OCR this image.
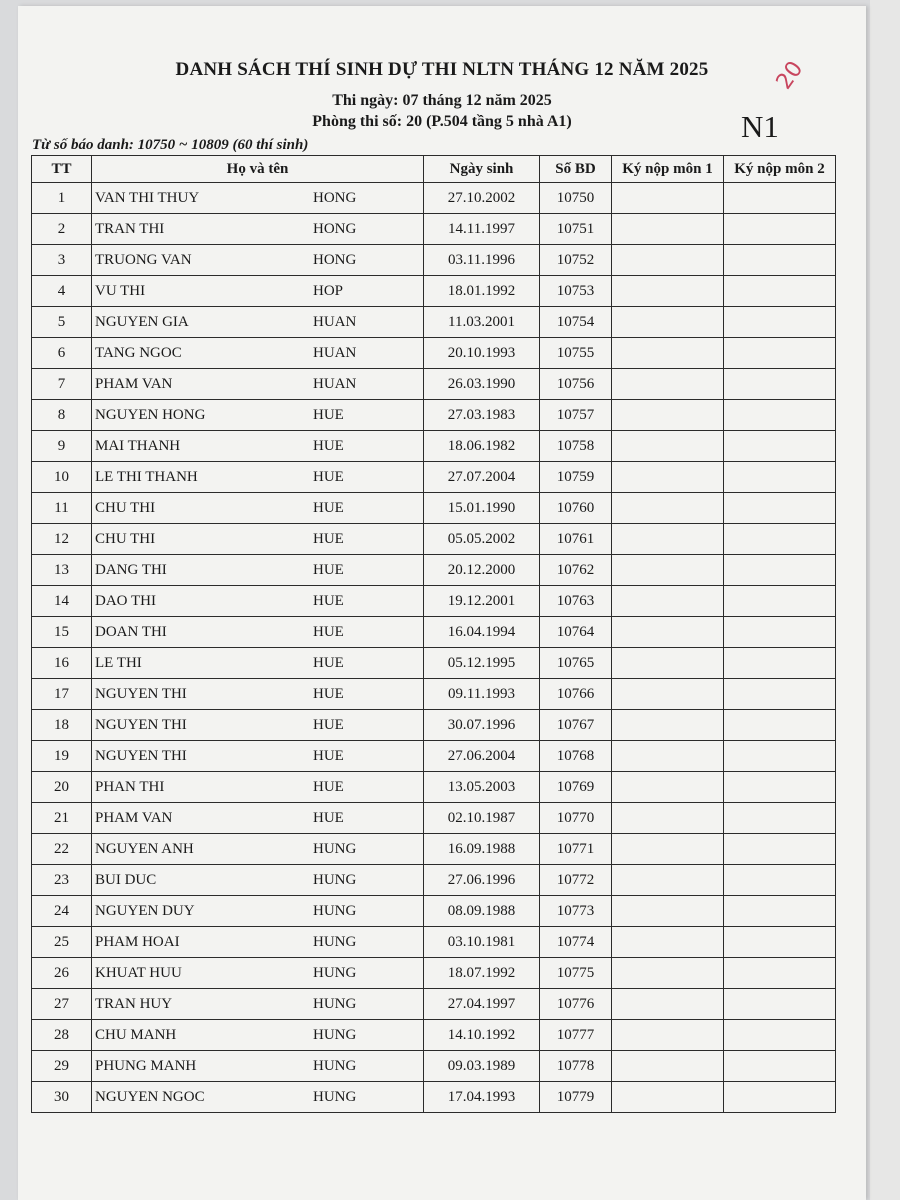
DANH SÁCH THÍ SINH DỰ THI NLTN THÁNG 12 NĂM 2025
Thi ngày: 07 tháng 12 năm 2025
Phòng thi số: 20 (P.504 tầng 5 nhà A1)
Từ số báo danh: 10750 ~ 10809 (60 thí sinh)
N1
20
TT	Họ và tên	Ngày sinh	Số BD	Ký nộp môn 1	Ký nộp môn 2
1	VAN THI THUY HONG	27.10.2002	10750		
2	TRAN THI HONG	14.11.1997	10751		
3	TRUONG VAN HONG	03.11.1996	10752		
4	VU THI HOP	18.01.1992	10753		
5	NGUYEN GIA HUAN	11.03.2001	10754		
6	TANG NGOC HUAN	20.10.1993	10755		
7	PHAM VAN HUAN	26.03.1990	10756		
8	NGUYEN HONG HUE	27.03.1983	10757		
9	MAI THANH HUE	18.06.1982	10758		
10	LE THI THANH HUE	27.07.2004	10759		
11	CHU THI HUE	15.01.1990	10760		
12	CHU THI HUE	05.05.2002	10761		
13	DANG THI HUE	20.12.2000	10762		
14	DAO THI HUE	19.12.2001	10763		
15	DOAN THI HUE	16.04.1994	10764		
16	LE THI HUE	05.12.1995	10765		
17	NGUYEN THI HUE	09.11.1993	10766		
18	NGUYEN THI HUE	30.07.1996	10767		
19	NGUYEN THI HUE	27.06.2004	10768		
20	PHAN THI HUE	13.05.2003	10769		
21	PHAM VAN HUE	02.10.1987	10770		
22	NGUYEN ANH HUNG	16.09.1988	10771		
23	BUI DUC HUNG	27.06.1996	10772		
24	NGUYEN DUY HUNG	08.09.1988	10773		
25	PHAM HOAI HUNG	03.10.1981	10774		
26	KHUAT HUU HUNG	18.07.1992	10775		
27	TRAN HUY HUNG	27.04.1997	10776		
28	CHU MANH HUNG	14.10.1992	10777		
29	PHUNG MANH HUNG	09.03.1989	10778		
30	NGUYEN NGOC HUNG	17.04.1993	10779		
